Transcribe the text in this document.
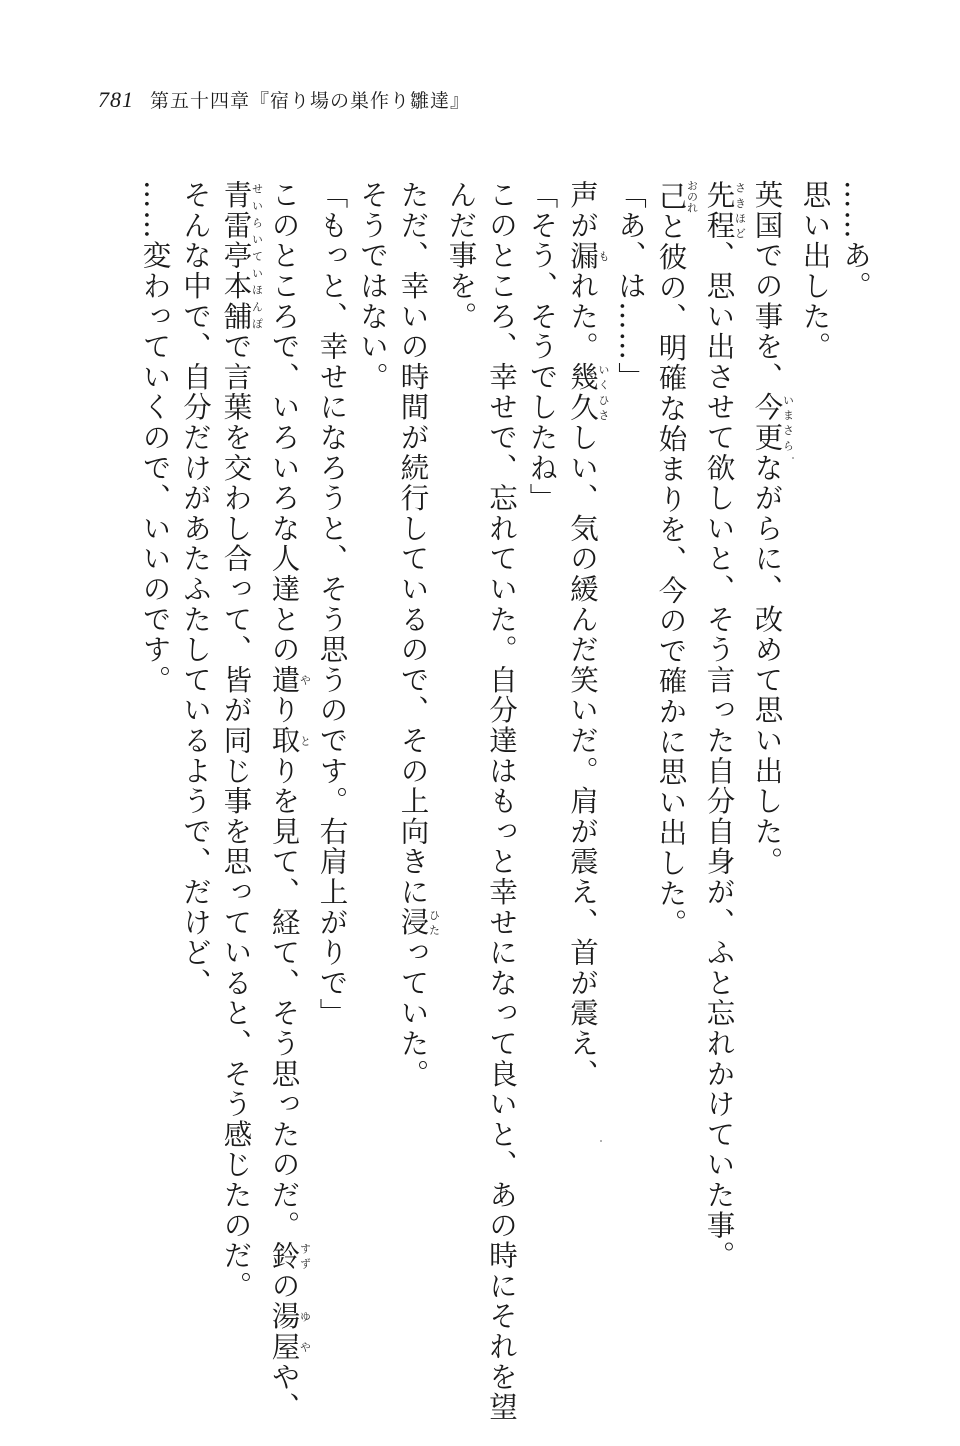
781 第五十四章『宿り場の巣作り雛達』
……あ。
思い出した。
英国での事を、今更いまさらながらに、改めて思い出した。
先程さきほど、思い出させて欲しいと、そう言った自分自身が、ふと忘れかけていた事。
己おのれと彼の、明確な始まりを、今ので確かに思い出した。
「あ、は……」
声が漏もれた。幾久いくひさしい、気の緩んだ笑いだ。肩が震え、首が震え、
「そう、そうでしたね」
このところ、幸せで、忘れていた。自分達はもっと幸せになって良いと、あの時にそれを望
んだ事を。
ただ、幸いの時間が続行しているので、その上向きに浸ひたっていた。
そうではない。
「もっと、幸せになろうと、そう思うのです。右肩上がりで」
このところで、いろいろな人達との遣やり取とりを見て、経て、そう思ったのだ。鈴すずの湯ゆ屋やや、
青雷亭本舗せいらいていほんぽで言葉を交わし合って、皆が同じ事を思っていると、そう感じたのだ。
そんな中で、自分だけがあたふたしているようで、だけど、
……変わっていくので、いいのです。
